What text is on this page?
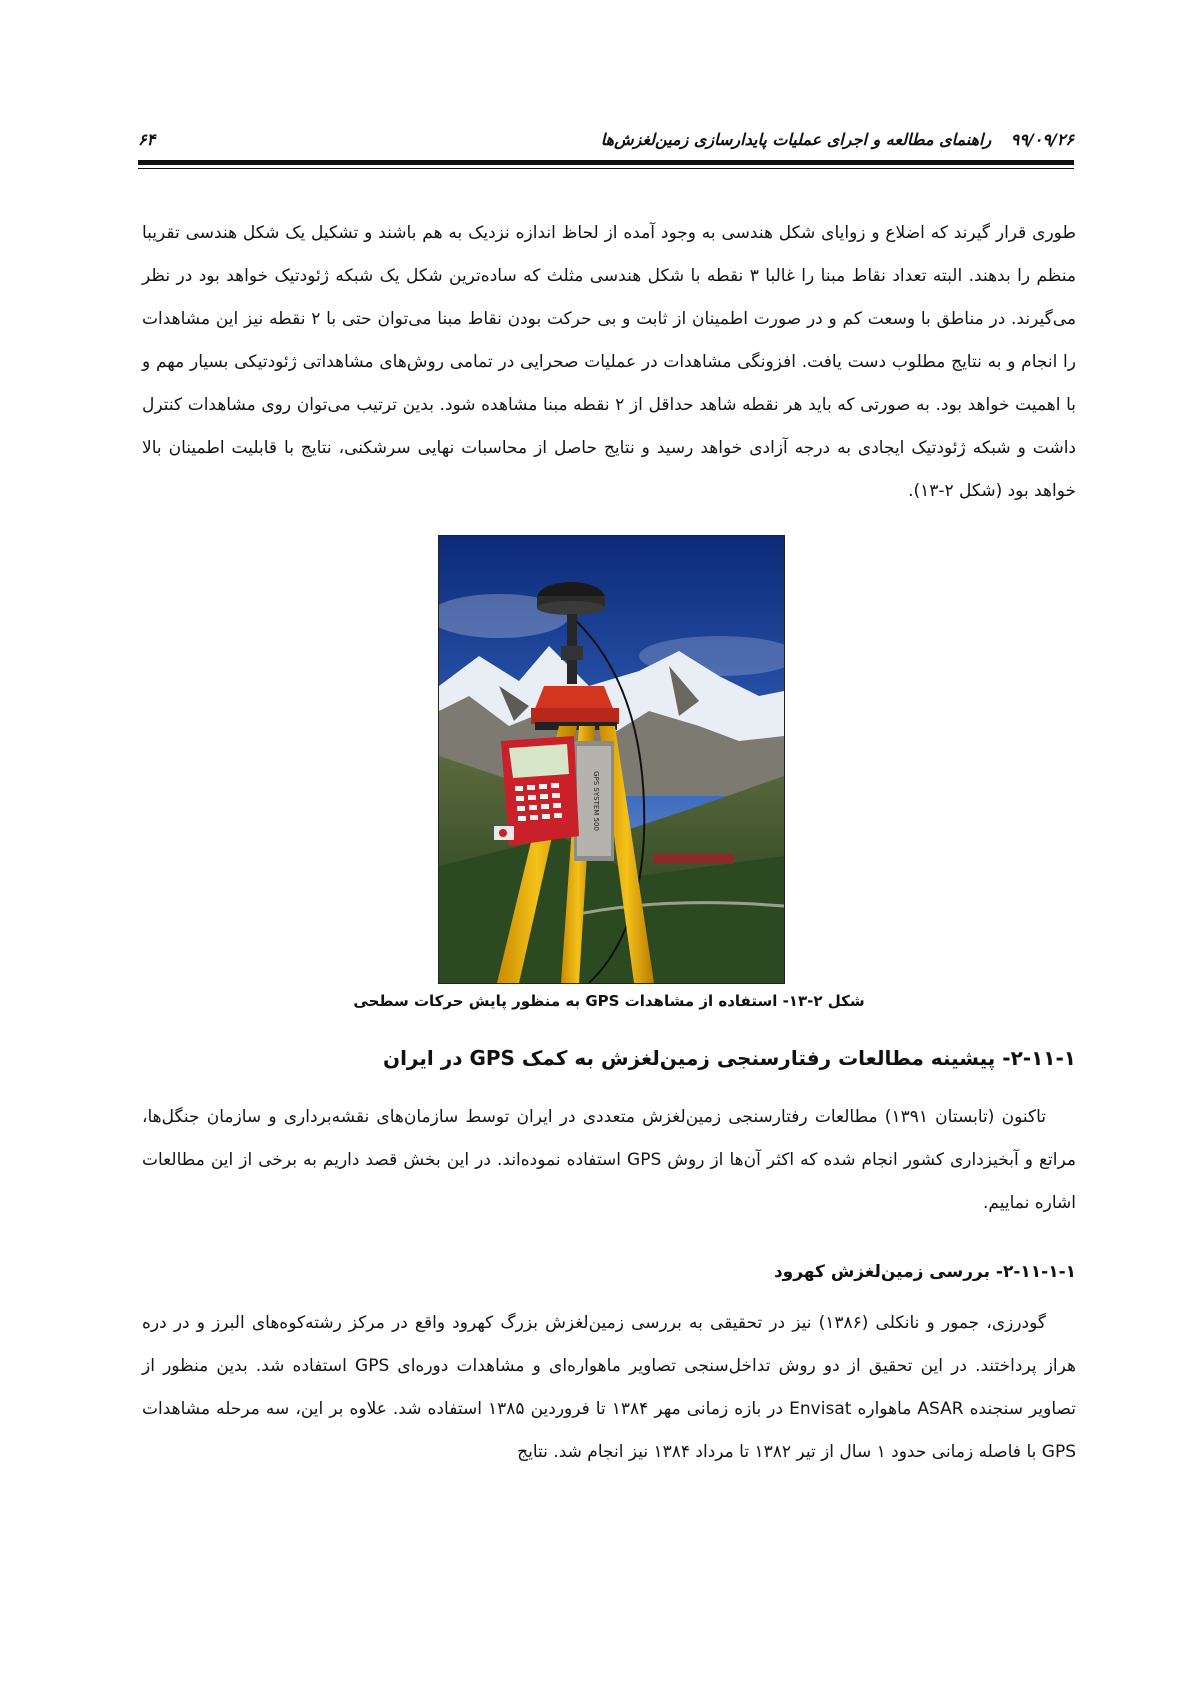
۹۹/۰۹/۲۶ راهنمای مطالعه و اجرای عملیات پایدارسازی زمین‌لغزش‌ها
۶۴

طوری قرار گیرند که اضلاع و زوایای شکل هندسی به وجود آمده از لحاظ اندازه نزدیک به هم باشند و تشکیل یک شکل هندسی تقریبا منظم را بدهند. البته تعداد نقاط مبنا را غالبا ۳ نقطه با شکل هندسی مثلث که ساده‌ترین شکل یک شبکه ژئودتیک خواهد بود در نظر می‌گیرند. در مناطق با وسعت کم و در صورت اطمینان از ثابت و بی حرکت بودن نقاط مبنا می‌توان حتی با ۲ نقطه نیز این مشاهدات را انجام و به نتایج مطلوب دست یافت. افزونگی مشاهدات در عملیات صحرایی در تمامی روش‌های مشاهداتی ژئودتیکی بسیار مهم و با اهمیت خواهد بود. به صورتی که باید هر نقطه شاهد حداقل از ۲ نقطه مبنا مشاهده شود. بدین ترتیب می‌توان روی مشاهدات کنترل داشت و شبکه ژئودتیک ایجادی به درجه آزادی خواهد رسید و نتایج حاصل از محاسبات نهایی سرشکنی، نتایج با قابلیت اطمینان بالا خواهد بود (شکل ۲-۱۳).

GPS SYSTEM 500
شکل ۲-۱۳- استفاده از مشاهدات GPS به منظور پایش حرکات سطحی
۲-۱۱-۱- پیشینه مطالعات رفتارسنجی زمین‌لغزش به کمک GPS در ایران

تاکنون (تابستان ۱۳۹۱) مطالعات رفتارسنجی زمین‌لغزش متعددی در ایران توسط سازمان‌های نقشه‌برداری و سازمان جنگل‌ها، مراتع و آبخیزداری کشور انجام شده که اکثر آن‌ها از روش GPS استفاده نموده‌اند. در این بخش قصد داریم به برخی از این مطالعات اشاره نماییم.

۲-۱۱-۱-۱- بررسی زمین‌لغزش کهرود

گودرزی، جمور و نانکلی (۱۳۸۶) نیز در تحقیقی به بررسی زمین‌لغزش بزرگ کهرود واقع در مرکز رشته‌کوه‌های البرز و در دره هراز پرداختند. در این تحقیق از دو روش تداخل‌سنجی تصاویر ماهواره‌ای و مشاهدات دوره‌ای GPS استفاده شد. بدین منظور از تصاویر سنجنده ASAR ماهواره Envisat در بازه زمانی مهر ۱۳۸۴ تا فروردین ۱۳۸۵ استفاده شد. علاوه بر این، سه مرحله مشاهدات GPS با فاصله زمانی حدود ۱ سال از تیر ۱۳۸۲ تا مرداد ۱۳۸۴ نیز انجام شد. نتایج
